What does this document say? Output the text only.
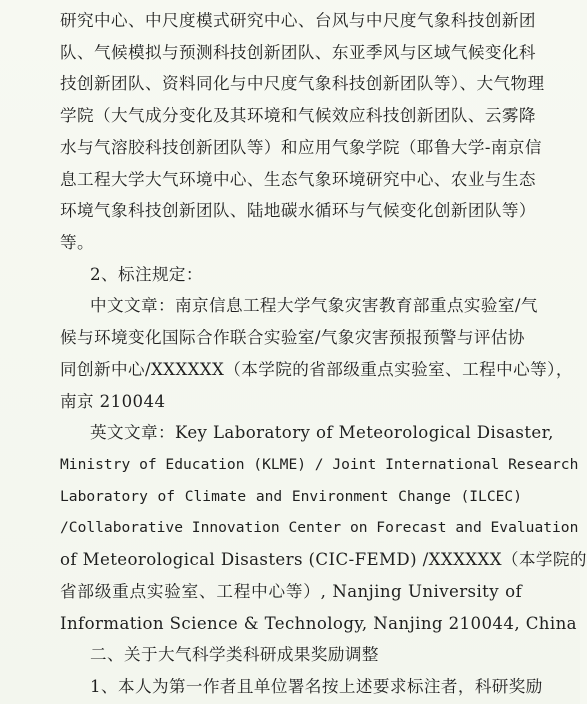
研究中心、中尺度模式研究中心、台风与中尺度气象科技创新团
队、气候模拟与预测科技创新团队、东亚季风与区域气候变化科
技创新团队、资料同化与中尺度气象科技创新团队等）、大气物理
学院（大气成分变化及其环境和气候效应科技创新团队、云雾降
水与气溶胶科技创新团队等）和应用气象学院（耶鲁大学-南京信
息工程大学大气环境中心、生态气象环境研究中心、农业与生态
环境气象科技创新团队、陆地碳水循环与气候变化创新团队等）
等。
2、标注规定：
中文文章：南京信息工程大学气象灾害教育部重点实验室/气
候与环境变化国际合作联合实验室/气象灾害预报预警与评估协
同创新中心/XXXXXX（本学院的省部级重点实验室、工程中心等），
南京 210044
英文文章：Key Laboratory of Meteorological Disaster,
Ministry of Education (KLME) / Joint International Research
Laboratory of Climate and Environment Change (ILCEC)
/Collaborative Innovation Center on Forecast and Evaluation
of Meteorological Disasters (CIC-FEMD) /XXXXXX（本学院的
省部级重点实验室、工程中心等）, Nanjing University of
Information Science & Technology, Nanjing 210044, China
二、关于大气科学类科研成果奖励调整
1、本人为第一作者且单位署名按上述要求标注者，科研奖励
